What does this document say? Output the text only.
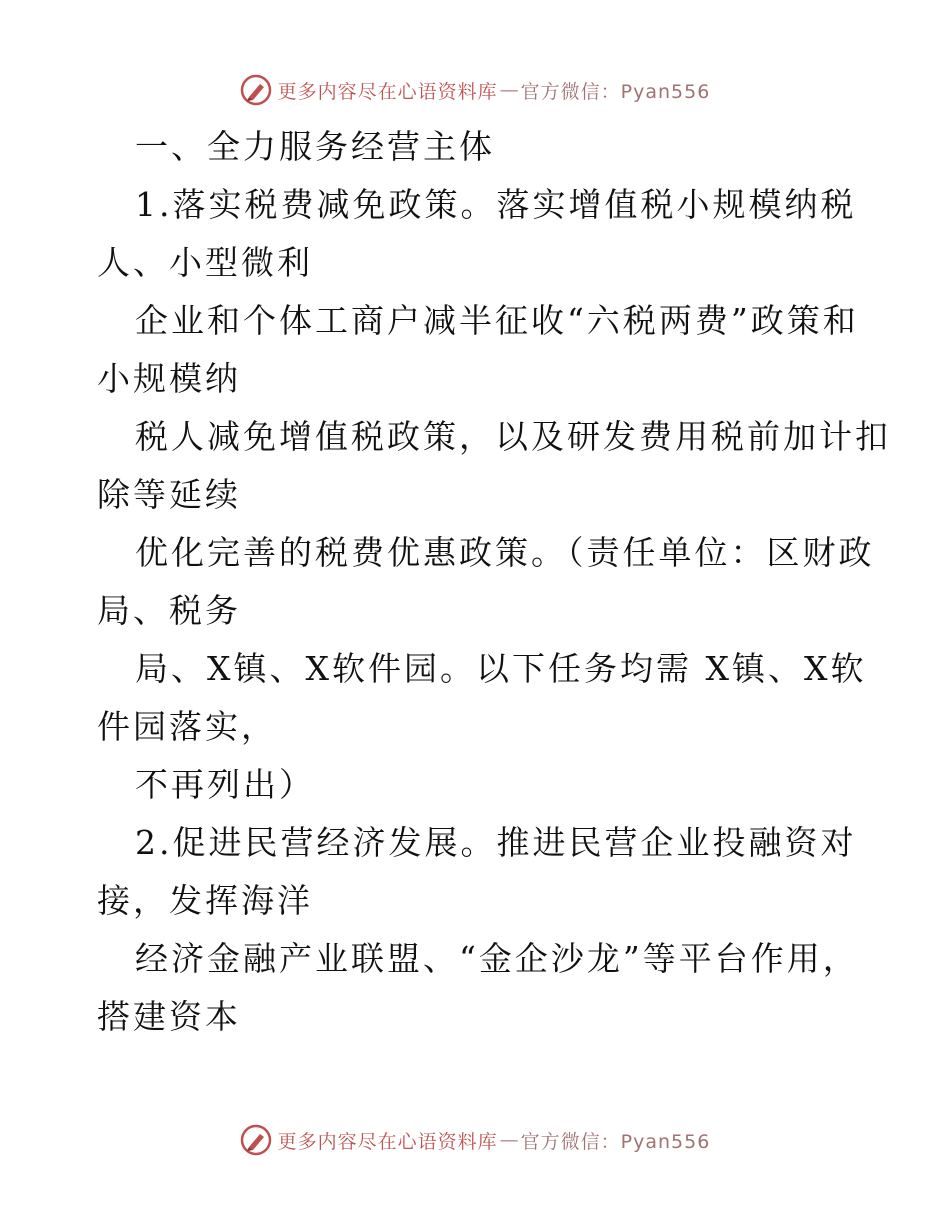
更多内容尽在心语资料库 — 官方微信：Pyan556
一、全力服务经营主体
1.落实税费减免政策。落实增值税小规模纳税
人、小型微利
企业和个体工商户减半征收“六税两费”政策和
小规模纳
税人减免增值税政策，以及研发费用税前加计扣
除等延续
优化完善的税费优惠政策。（责任单位：区财政
局、税务
局、X镇、X软件园。以下任务均需 X镇、X软
件园落实，
不再列出）
2.促进民营经济发展。推进民营企业投融资对
接，发挥海洋
经济金融产业联盟、“金企沙龙”等平台作用，
搭建资本
更多内容尽在心语资料库 — 官方微信：Pyan556
